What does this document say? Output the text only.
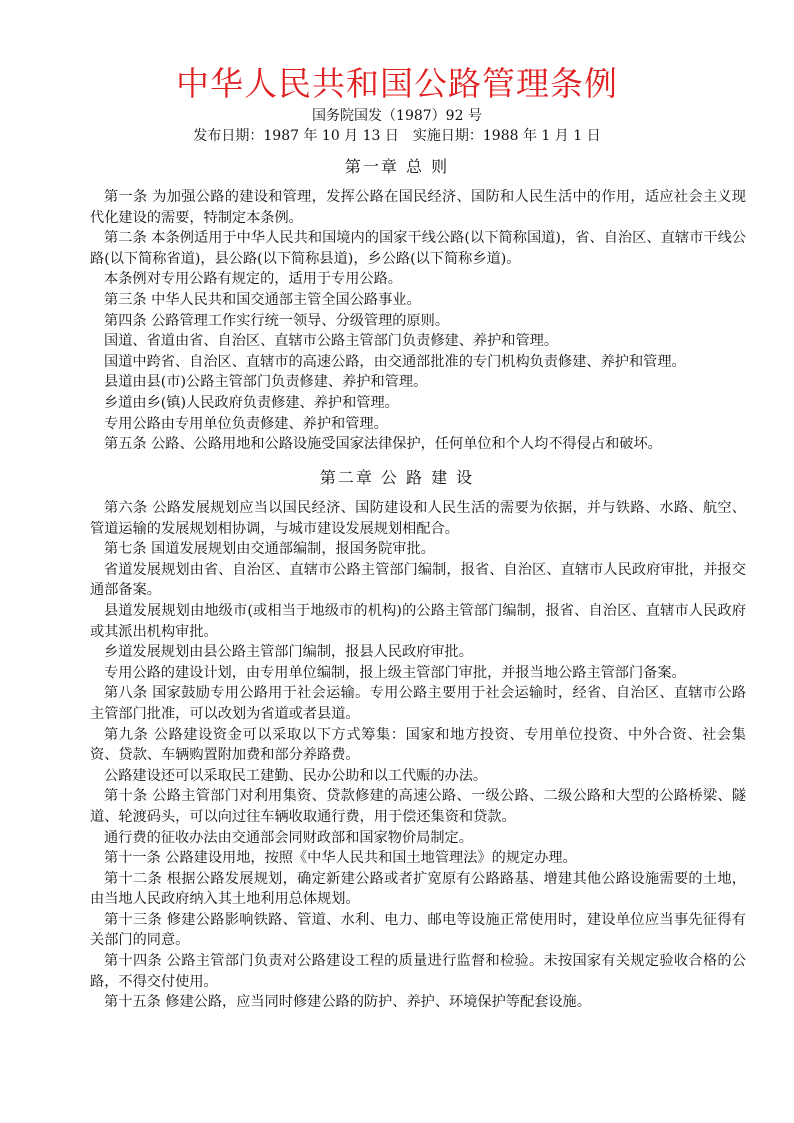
中华人民共和国公路管理条例
国务院国发（1987）92 号
发布日期：1987 年 10 月 13 日　实施日期：1988 年 1 月 1 日
第一章 总 则

第一条 为加强公路的建设和管理，发挥公路在国民经济、国防和人民生活中的作用，适应社会主义现代化建设的需要，特制定本条例。

第二条 本条例适用于中华人民共和国境内的国家干线公路(以下简称国道)，省、自治区、直辖市干线公路(以下简称省道)，县公路(以下简称县道)，乡公路(以下简称乡道)。

本条例对专用公路有规定的，适用于专用公路。

第三条 中华人民共和国交通部主管全国公路事业。

第四条 公路管理工作实行统一领导、分级管理的原则。

国道、省道由省、自治区、直辖市公路主管部门负责修建、养护和管理。

国道中跨省、自治区、直辖市的高速公路，由交通部批准的专门机构负责修建、养护和管理。

县道由县(市)公路主管部门负责修建、养护和管理。

乡道由乡(镇)人民政府负责修建、养护和管理。

专用公路由专用单位负责修建、养护和管理。

第五条 公路、公路用地和公路设施受国家法律保护，任何单位和个人均不得侵占和破坏。

第二章 公 路 建 设

第六条 公路发展规划应当以国民经济、国防建设和人民生活的需要为依据，并与铁路、水路、航空、管道运输的发展规划相协调，与城市建设发展规划相配合。

第七条 国道发展规划由交通部编制，报国务院审批。

省道发展规划由省、自治区、直辖市公路主管部门编制，报省、自治区、直辖市人民政府审批，并报交通部备案。

县道发展规划由地级市(或相当于地级市的机构)的公路主管部门编制，报省、自治区、直辖市人民政府或其派出机构审批。

乡道发展规划由县公路主管部门编制，报县人民政府审批。

专用公路的建设计划，由专用单位编制，报上级主管部门审批，并报当地公路主管部门备案。

第八条 国家鼓励专用公路用于社会运输。专用公路主要用于社会运输时，经省、自治区、直辖市公路主管部门批准，可以改划为省道或者县道。

第九条 公路建设资金可以采取以下方式筹集：国家和地方投资、专用单位投资、中外合资、社会集资、贷款、车辆购置附加费和部分养路费。

公路建设还可以采取民工建勤、民办公助和以工代赈的办法。

第十条 公路主管部门对利用集资、贷款修建的高速公路、一级公路、二级公路和大型的公路桥梁、隧道、轮渡码头，可以向过往车辆收取通行费，用于偿还集资和贷款。

通行费的征收办法由交通部会同财政部和国家物价局制定。

第十一条 公路建设用地，按照《中华人民共和国土地管理法》的规定办理。

第十二条 根据公路发展规划，确定新建公路或者扩宽原有公路路基、增建其他公路设施需要的土地，由当地人民政府纳入其土地利用总体规划。

第十三条 修建公路影响铁路、管道、水利、电力、邮电等设施正常使用时，建设单位应当事先征得有关部门的同意。

第十四条 公路主管部门负责对公路建设工程的质量进行监督和检验。未按国家有关规定验收合格的公路，不得交付使用。

第十五条 修建公路，应当同时修建公路的防护、养护、环境保护等配套设施。
